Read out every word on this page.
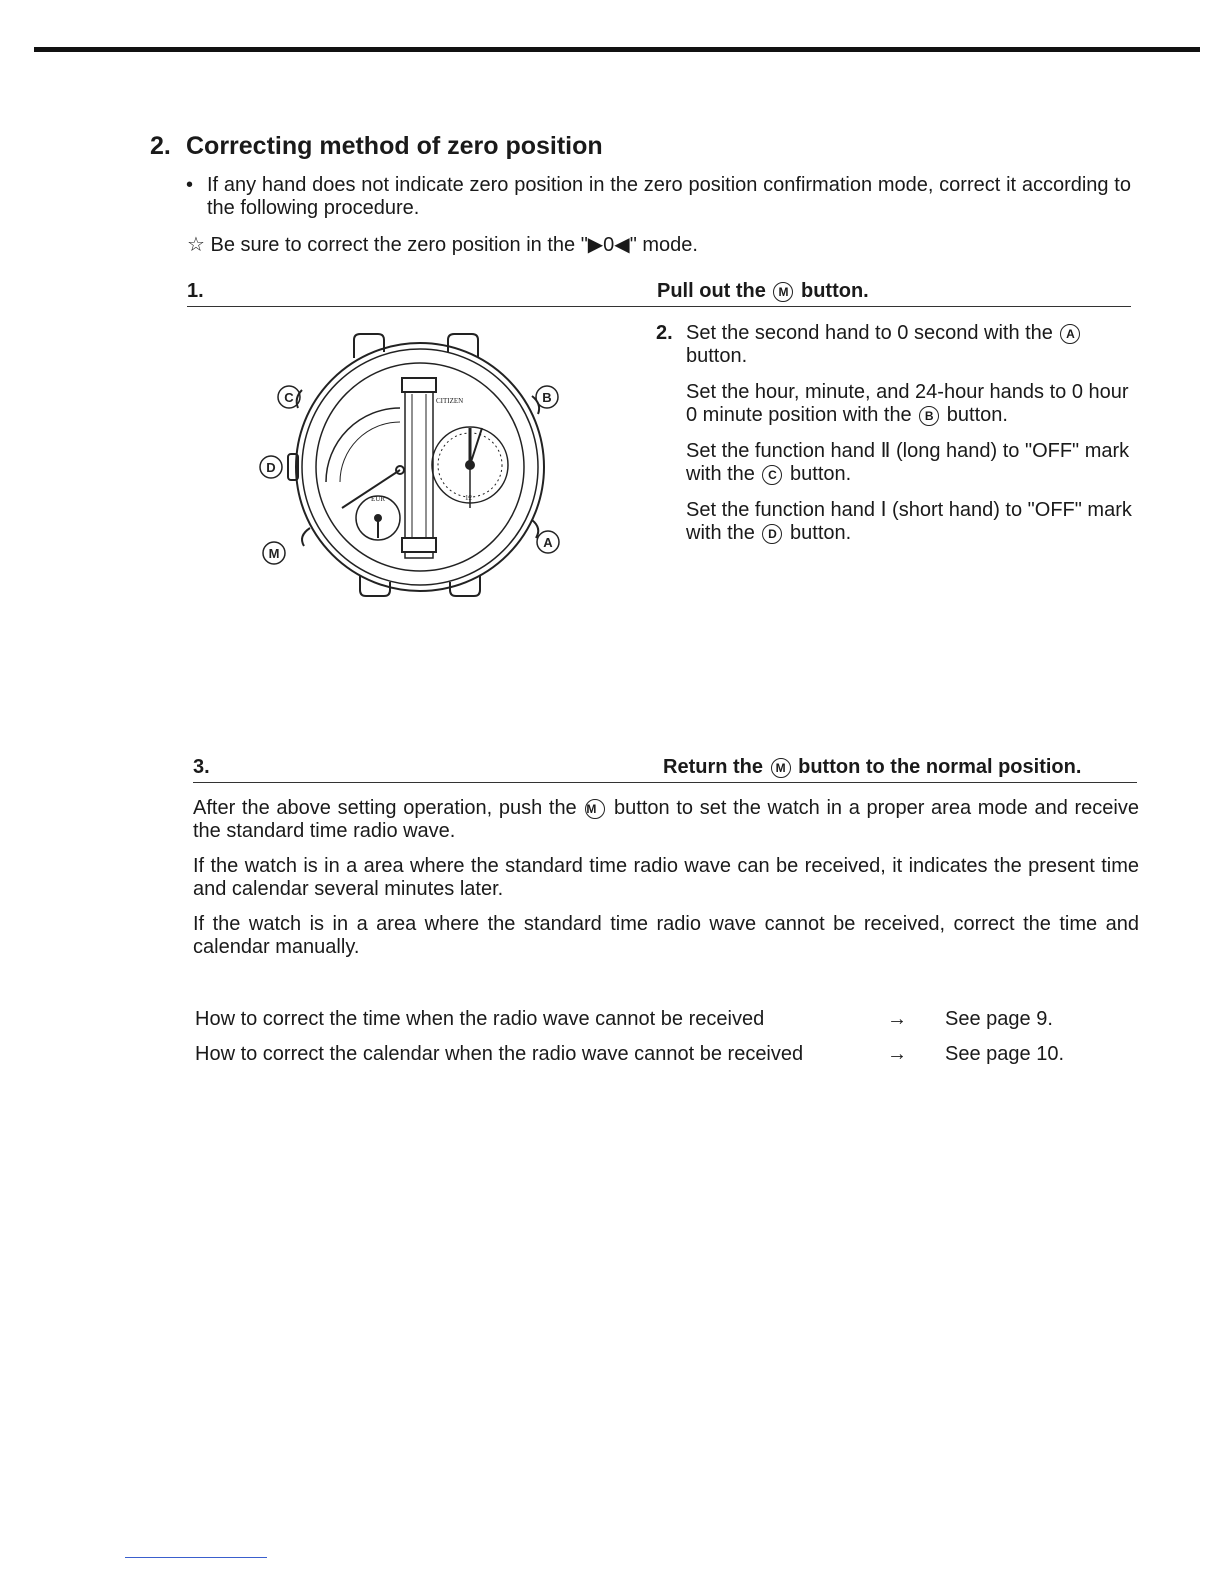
2. Correcting method of zero position
• If any hand does not indicate zero position in the zero position confirmation mode, correct it according to the following procedure.
☆ Be sure to correct the zero position in the "▶0◀" mode.
1.	Pull out the M button.
C	B
D
M
A
CITIZEN
EUR	12
2. Set the second hand to 0 second with the A button.

Set the hour, minute, and 24-hour hands to 0 hour 0 minute position with the B button.

Set the function hand Ⅱ (long hand) to "OFF" mark with the C button.

Set the function hand Ⅰ (short hand) to "OFF" mark with the D button.

3.	Return the M button to the normal position.

After the above setting operation, push the M button to set the watch in a proper area mode and receive the standard time radio wave.

If the watch is in a area where the standard time radio wave can be received, it indicates the present time and calendar several minutes later.

If the watch is in a area where the standard time radio wave cannot be received, correct the time and calendar manually.

How to correct the time when the radio wave cannot be received	→ See page 9.
How to correct the calendar when the radio wave cannot be received	→ See page 10.
